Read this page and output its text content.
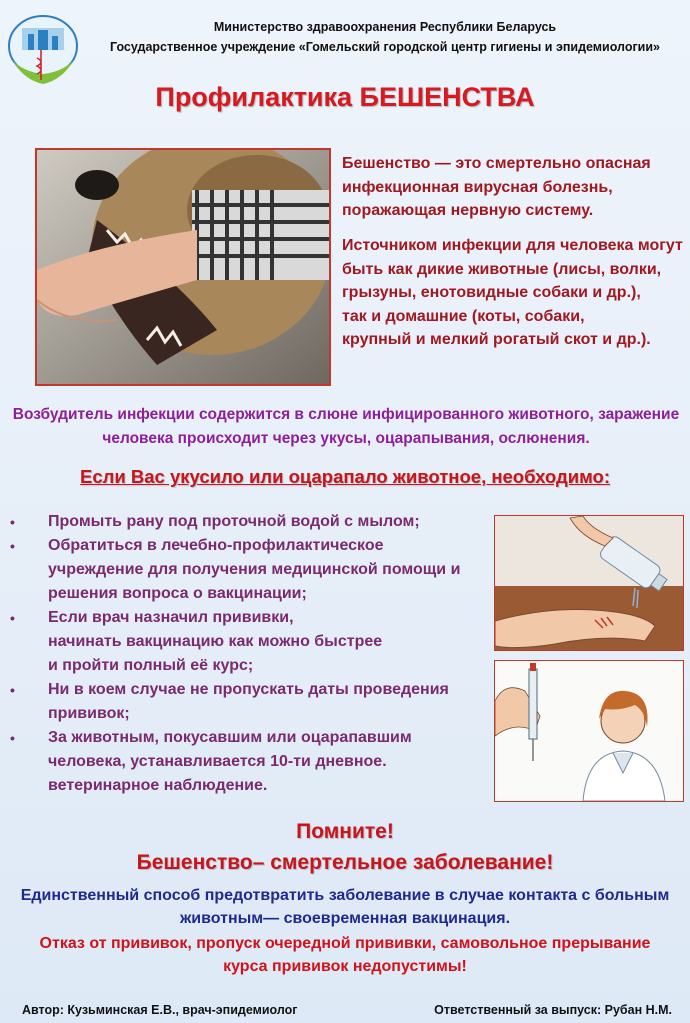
Министерство здравоохранения Республики Беларусь
Государственное учреждение «Гомельский городской центр гигиены и эпидемиологии»
Профилактика БЕШЕНСТВА
Бешенство — это смертельно опасная инфекционная вирусная болезнь, поражающая нервную систему.
Источником инфекции для человека могут быть как дикие животные (лисы, волки, грызуны, енотовидные собаки и др.),
так и домашние (коты, собаки,
крупный и мелкий рогатый скот и др.).
Возбудитель инфекции содержится в слюне инфицированного животного, заражение человека происходит через укусы, оцарапывания, ослюнения.
Если Вас укусило или оцарапало животное, необходимо:
•	Промыть рану под проточной водой с мылом;
•	Обратиться в лечебно-профилактическое учреждение для получения медицинской помощи и решения вопроса о вакцинации;
•	Если врач назначил прививки,
начинать вакцинацию как можно быстрее
и пройти полный её курс;
•	Ни в коем случае не пропускать даты проведения прививок;
•	За животным, покусавшим или оцарапавшим человека, устанавливается 10-ти дневное.
ветеринарное наблюдение.
Помните!
Бешенство– смертельное заболевание!
Единственный способ предотвратить заболевание в случае контакта с больным животным— своевременная вакцинация.
Отказ от прививок, пропуск очередной прививки, самовольное прерывание курса прививок недопустимы!
Автор: Кузьминская Е.В., врач-эпидемиолог	Ответственный за выпуск: Рубан Н.М.
